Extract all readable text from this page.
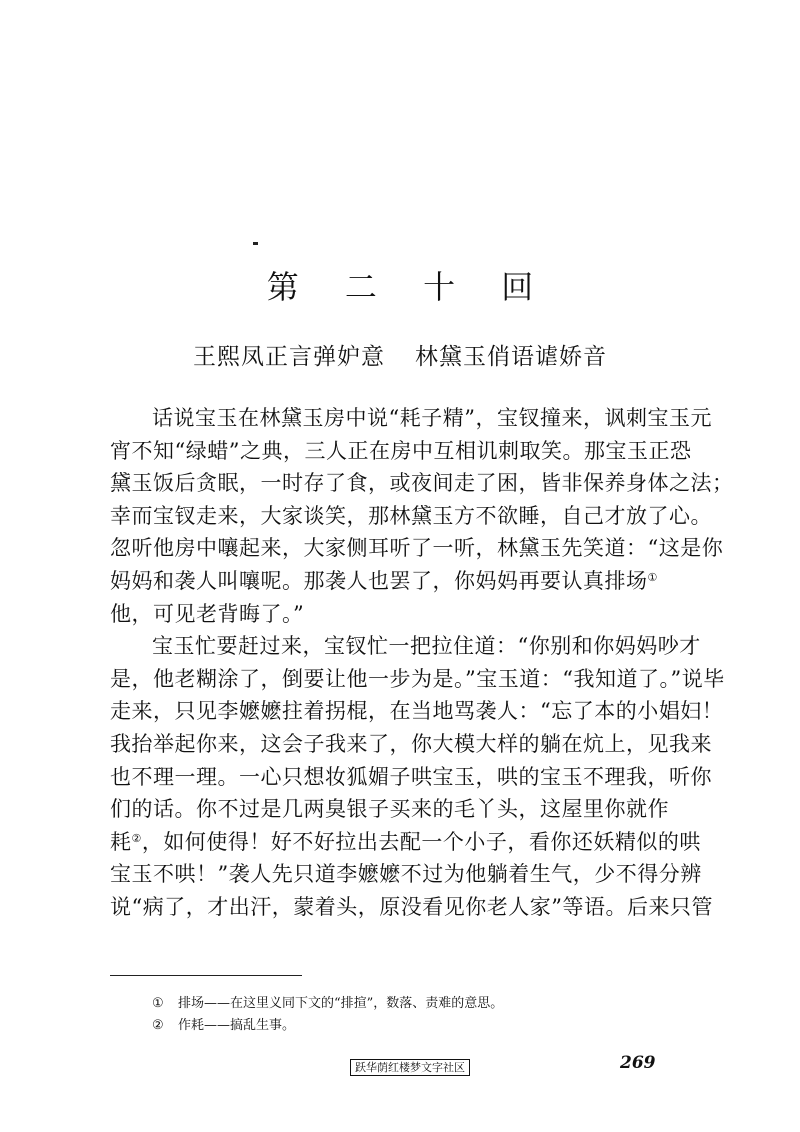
第 二 十 回
王熙凤正言弹妒意 林黛玉俏语谑娇音
话说宝玉在林黛玉房中说“耗子精”，宝钗撞来，讽刺宝玉元
宵不知“绿蜡”之典，三人正在房中互相讥刺取笑。那宝玉正恐
黛玉饭后贪眠，一时存了食，或夜间走了困，皆非保养身体之法；
幸而宝钗走来，大家谈笑，那林黛玉方不欲睡，自己才放了心。
忽听他房中嚷起来，大家侧耳听了一听，林黛玉先笑道：“这是你
妈妈和袭人叫嚷呢。那袭人也罢了，你妈妈再要认真排场①
他，可见老背晦了。”
宝玉忙要赶过来，宝钗忙一把拉住道：“你别和你妈妈吵才
是，他老糊涂了，倒要让他一步为是。”宝玉道：“我知道了。”说毕
走来，只见李嬷嬷拄着拐棍，在当地骂袭人：“忘了本的小娼妇！
我抬举起你来，这会子我来了，你大模大样的躺在炕上，见我来
也不理一理。一心只想妆狐媚子哄宝玉，哄的宝玉不理我，听你
们的话。你不过是几两臭银子买来的毛丫头，这屋里你就作
耗②，如何使得！好不好拉出去配一个小子，看你还妖精似的哄
宝玉不哄！”袭人先只道李嬷嬷不过为他躺着生气，少不得分辨
说“病了，才出汗，蒙着头，原没看见你老人家”等语。后来只管
① 排场——在这里义同下文的“排揎”，数落、责难的意思。
② 作耗——搞乱生事。
跃华荫红楼梦文字社区	269
